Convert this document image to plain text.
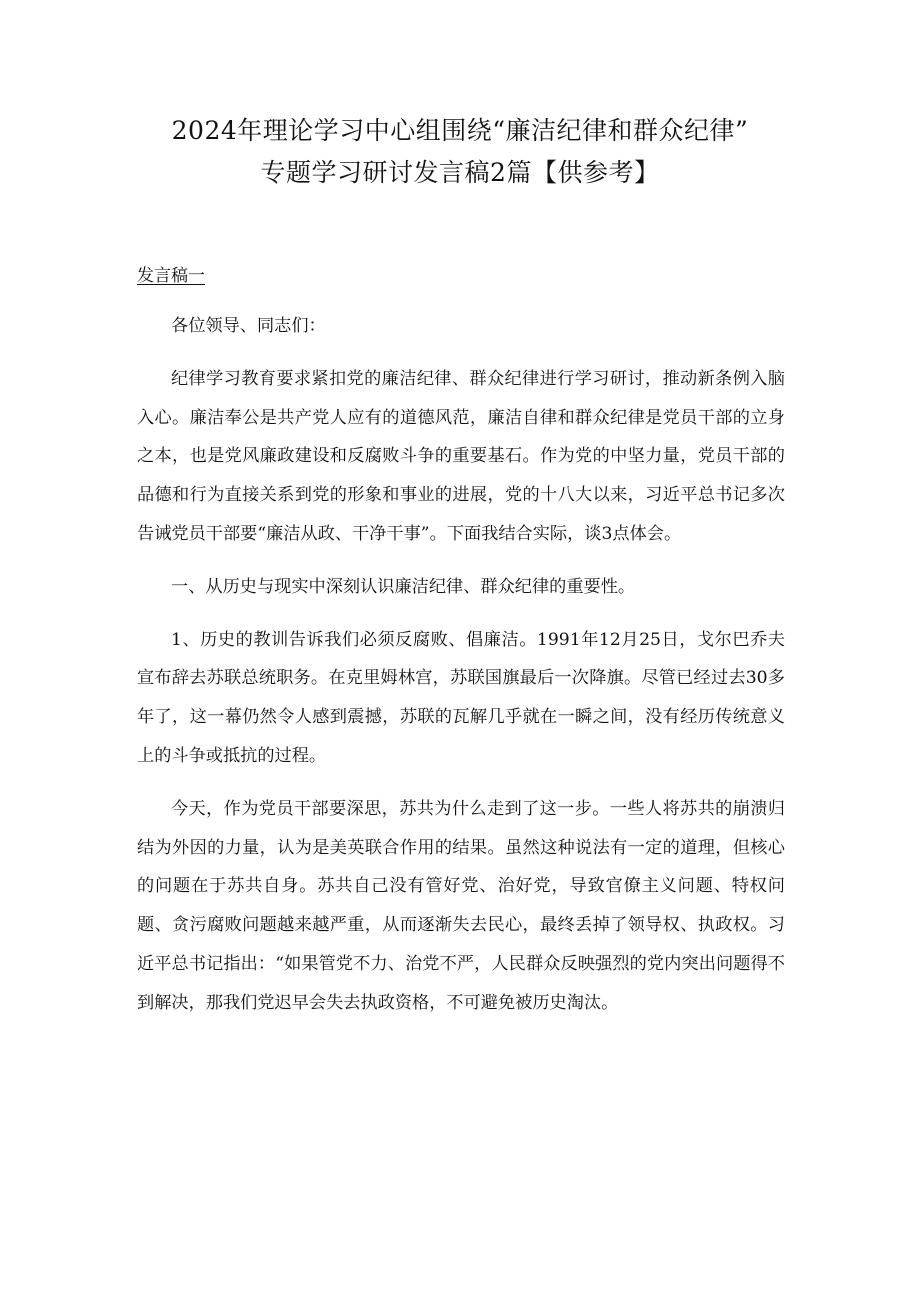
2024年理论学习中心组围绕“廉洁纪律和群众纪律”
专题学习研讨发言稿2篇【供参考】
发言稿一

各位领导、同志们：

纪律学习教育要求紧扣党的廉洁纪律、群众纪律进行学习研讨，推动新条例入脑入心。廉洁奉公是共产党人应有的道德风范，廉洁自律和群众纪律是党员干部的立身之本，也是党风廉政建设和反腐败斗争的重要基石。作为党的中坚力量，党员干部的品德和行为直接关系到党的形象和事业的进展，党的十八大以来，习近平总书记多次告诫党员干部要“廉洁从政、干净干事”。下面我结合实际，谈3点体会。

一、从历史与现实中深刻认识廉洁纪律、群众纪律的重要性。

1、历史的教训告诉我们必须反腐败、倡廉洁。1991年12月25日，戈尔巴乔夫宣布辞去苏联总统职务。在克里姆林宫，苏联国旗最后一次降旗。尽管已经过去30多年了，这一幕仍然令人感到震撼，苏联的瓦解几乎就在一瞬之间，没有经历传统意义上的斗争或抵抗的过程。

今天，作为党员干部要深思，苏共为什么走到了这一步。一些人将苏共的崩溃归结为外因的力量，认为是美英联合作用的结果。虽然这种说法有一定的道理，但核心的问题在于苏共自身。苏共自己没有管好党、治好党，导致官僚主义问题、特权问题、贪污腐败问题越来越严重，从而逐渐失去民心，最终丢掉了领导权、执政权。习近平总书记指出：“如果管党不力、治党不严，人民群众反映强烈的党内突出问题得不到解决，那我们党迟早会失去执政资格，不可避免被历史淘汰。
